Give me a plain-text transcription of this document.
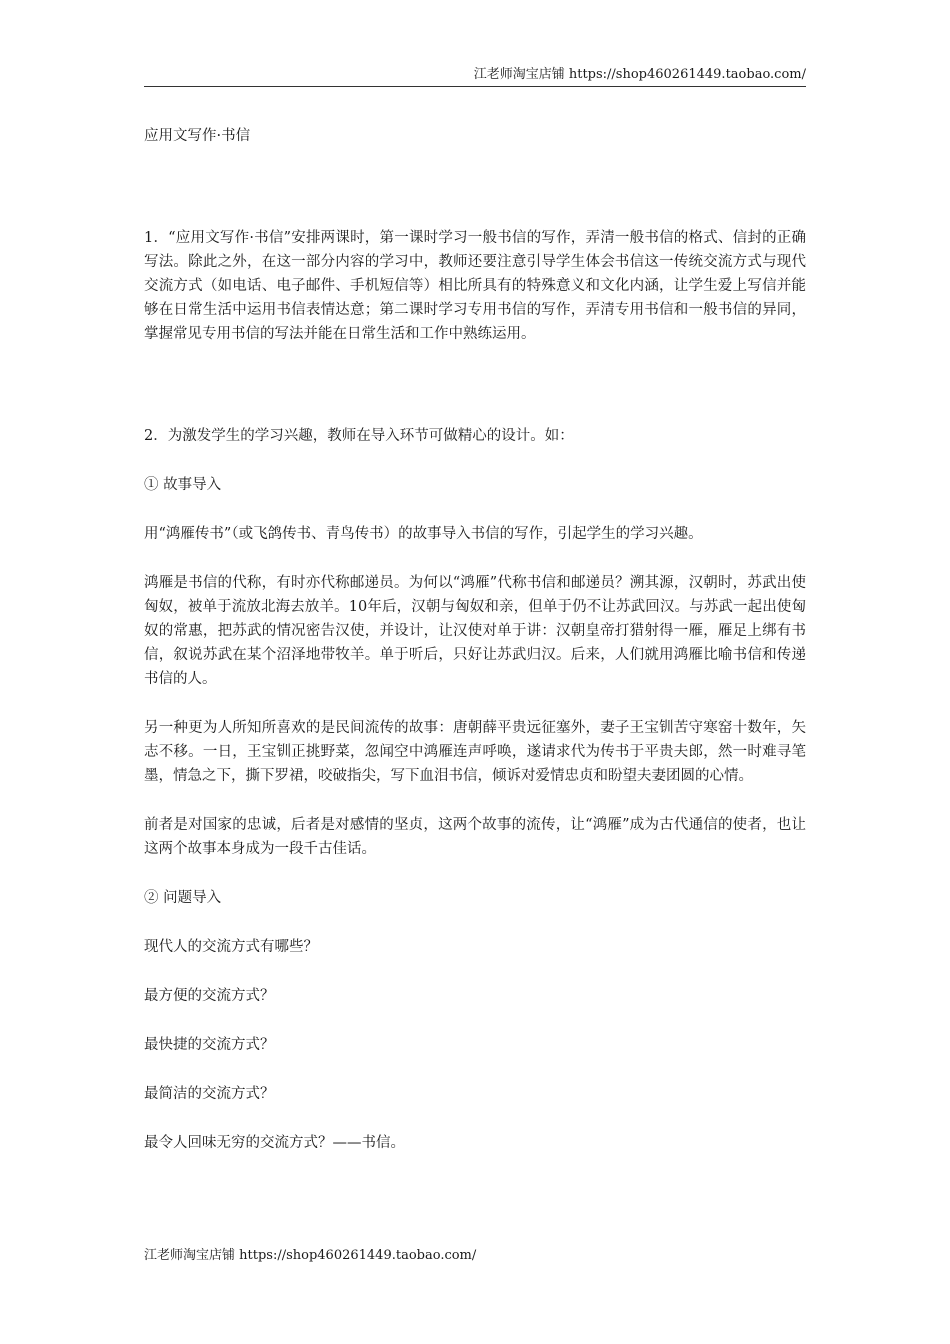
江老师淘宝店铺 https://shop460261449.taobao.com/

应用文写作·书信

1．“应用文写作·书信”安排两课时，第一课时学习一般书信的写作，弄清一般书信的格式、信封的正确写法。除此之外，在这一部分内容的学习中，教师还要注意引导学生体会书信这一传统交流方式与现代交流方式（如电话、电子邮件、手机短信等）相比所具有的特殊意义和文化内涵，让学生爱上写信并能够在日常生活中运用书信表情达意；第二课时学习专用书信的写作，弄清专用书信和一般书信的异同，掌握常见专用书信的写法并能在日常生活和工作中熟练运用。

2．为激发学生的学习兴趣，教师在导入环节可做精心的设计。如：

① 故事导入

用“鸿雁传书”（或飞鸽传书、青鸟传书）的故事导入书信的写作，引起学生的学习兴趣。

鸿雁是书信的代称，有时亦代称邮递员。为何以“鸿雁”代称书信和邮递员？溯其源，汉朝时，苏武出使匈奴，被单于流放北海去放羊。10年后，汉朝与匈奴和亲，但单于仍不让苏武回汉。与苏武一起出使匈奴的常惠，把苏武的情况密告汉使，并设计，让汉使对单于讲：汉朝皇帝打猎射得一雁，雁足上绑有书信，叙说苏武在某个沼泽地带牧羊。单于听后，只好让苏武归汉。后来，人们就用鸿雁比喻书信和传递书信的人。

另一种更为人所知所喜欢的是民间流传的故事：唐朝薛平贵远征塞外，妻子王宝钏苦守寒窑十数年，矢志不移。一日，王宝钏正挑野菜，忽闻空中鸿雁连声呼唤，遂请求代为传书于平贵夫郎，然一时难寻笔墨，情急之下，撕下罗裙，咬破指尖，写下血泪书信，倾诉对爱情忠贞和盼望夫妻团圆的心情。

前者是对国家的忠诚，后者是对感情的坚贞，这两个故事的流传，让“鸿雁”成为古代通信的使者，也让这两个故事本身成为一段千古佳话。

② 问题导入

现代人的交流方式有哪些？

最方便的交流方式？

最快捷的交流方式？

最简洁的交流方式？

最令人回味无穷的交流方式？——书信。

江老师淘宝店铺 https://shop460261449.taobao.com/
